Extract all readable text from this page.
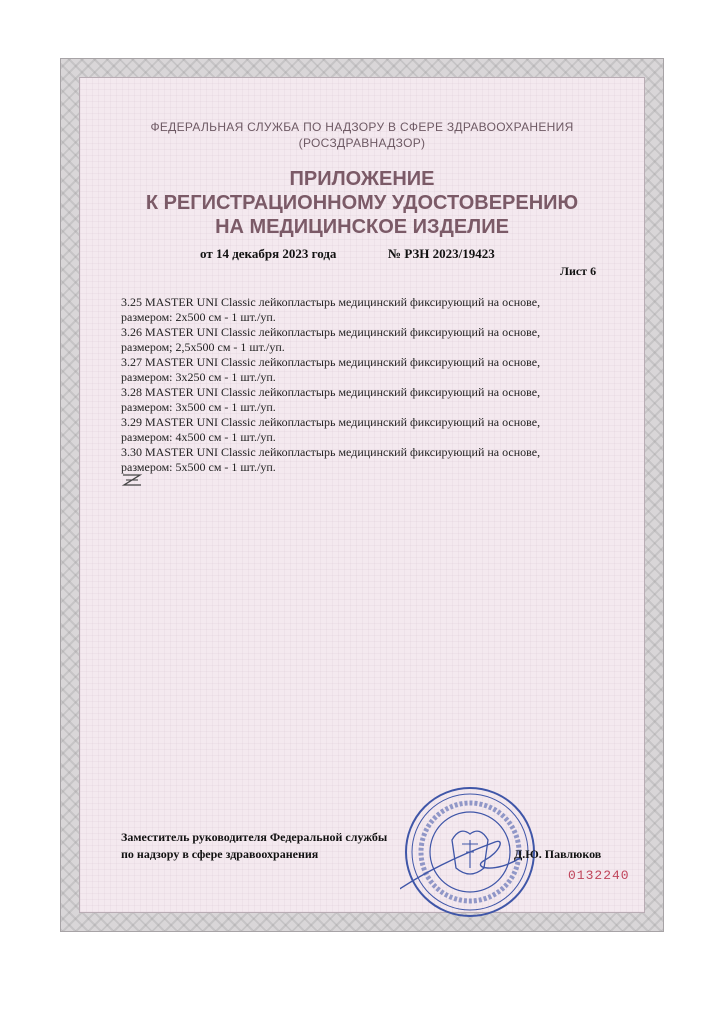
ФЕДЕРАЛЬНАЯ СЛУЖБА ПО НАДЗОРУ В СФЕРЕ ЗДРАВООХРАНЕНИЯ
(РОСЗДРАВНАДЗОР)
ПРИЛОЖЕНИЕ
К РЕГИСТРАЦИОННОМУ УДОСТОВЕРЕНИЮ
НА МЕДИЦИНСКОЕ ИЗДЕЛИЕ
от 14 декабря 2023 года	№ РЗН 2023/19423
Лист 6
3.25 MASTER UNI Classic лейкопластырь медицинский фиксирующий на основе,
размером: 2x500 см - 1 шт./уп.
3.26 MASTER UNI Classic лейкопластырь медицинский фиксирующий на основе,
размером; 2,5x500 см - 1 шт./уп.
3.27 MASTER UNI Classic лейкопластырь медицинский фиксирующий на основе,
размером: 3x250 см - 1 шт./уп.
3.28 MASTER UNI Classic лейкопластырь медицинский фиксирующий на основе,
размером: 3x500 см - 1 шт./уп.
3.29 MASTER UNI Classic лейкопластырь медицинский фиксирующий на основе,
размером: 4x500 см - 1 шт./уп.
3.30 MASTER UNI Classic лейкопластырь медицинский фиксирующий на основе,
размером: 5x500 см - 1 шт./уп.
Заместитель руководителя Федеральной службы
по надзору в сфере здравоохранения	Д.Ю. Павлюков
0132240
